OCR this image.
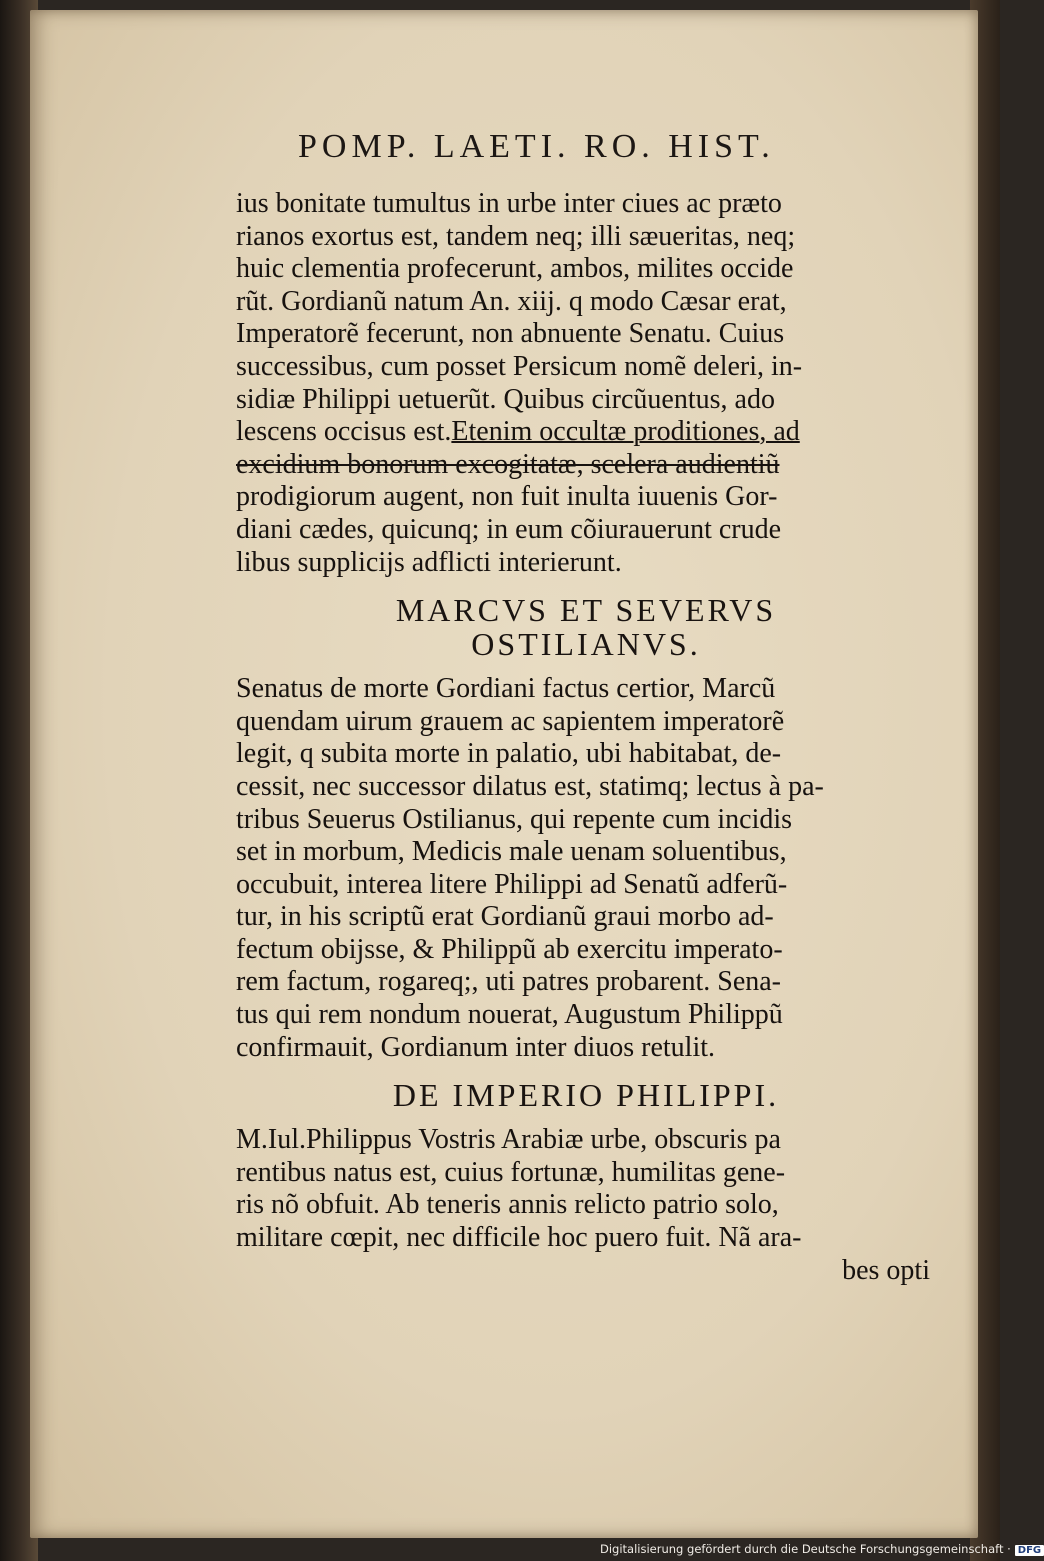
POMP. LAETI. RO. HIST.
ius bonitate tumultus in urbe inter ciues ac præto
rianos exortus est, tandem neq; illi sæueritas, neq;
huic clementia profecerunt, ambos, milites occide
rũt. Gordianũ natum An. xiij. q modo Cæsar erat,
Imperatorẽ fecerunt, non abnuente Senatu. Cuius
successibus, cum posset Persicum nomẽ deleri, in-
sidiæ Philippi uetuerũt. Quibus circũuentus, ado
lescens occisus est.Etenim occultæ proditiones, ad
excidium bonorum excogitatæ, scelera audientiũ
prodigiorum augent, non fuit inulta iuuenis Gor-
diani cædes, quicunq; in eum cõiurauerunt crude
libus supplicijs adflicti interierunt.
MARCVS ET SEVERVS
OSTILIANVS.
Senatus de morte Gordiani factus certior, Marcũ
quendam uirum grauem ac sapientem imperatorẽ
legit, q subita morte in palatio, ubi habitabat, de-
cessit, nec successor dilatus est, statimq; lectus à pa-
tribus Seuerus Ostilianus, qui repente cum incidis
set in morbum, Medicis male uenam soluentibus,
occubuit, interea litere Philippi ad Senatũ adferũ-
tur, in his scriptũ erat Gordianũ graui morbo ad-
fectum obijsse, & Philippũ ab exercitu imperato-
rem factum, rogareq;, uti patres probarent. Sena-
tus qui rem nondum nouerat, Augustum Philippũ
confirmauit, Gordianum inter diuos retulit.
DE IMPERIO PHILIPPI.
M.Iul.Philippus Vostris Arabiæ urbe, obscuris pa
rentibus natus est, cuius fortunæ, humilitas gene-
ris nõ obfuit. Ab teneris annis relicto patrio solo,
militare cœpit, nec difficile hoc puero fuit. Nã ara-
bes opti
Digitalisierung gefördert durch die Deutsche Forschungsgemeinschaft · DFG
